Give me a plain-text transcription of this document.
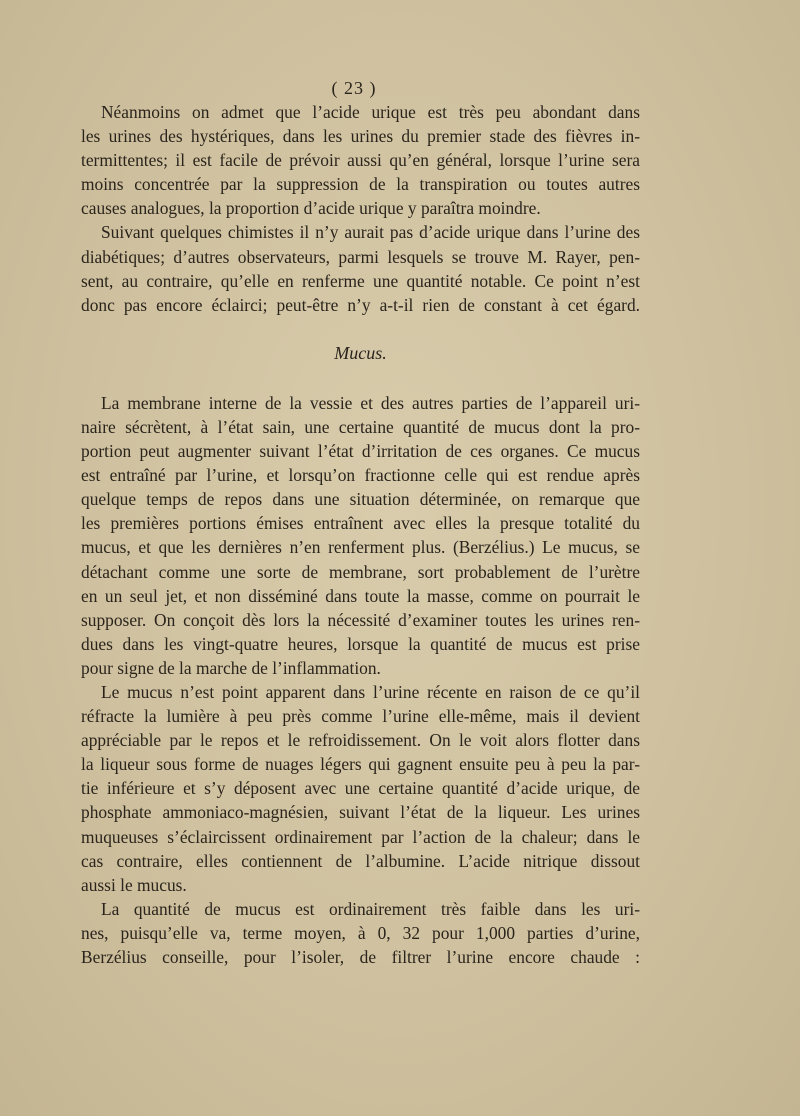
( 23 )
Néanmoins on admet que l’acide urique est très peu abondant dans
les urines des hystériques, dans les urines du premier stade des fièvres in-
termittentes; il est facile de prévoir aussi qu’en général, lorsque l’urine sera
moins concentrée par la suppression de la transpiration ou toutes autres
causes analogues, la proportion d’acide urique y paraîtra moindre.
Suivant quelques chimistes il n’y aurait pas d’acide urique dans l’urine des
diabétiques; d’autres observateurs, parmi lesquels se trouve M. Rayer, pen-
sent, au contraire, qu’elle en renferme une quantité notable. Ce point n’est
donc pas encore éclairci; peut-être n’y a-t-il rien de constant à cet égard.
Mucus.
La membrane interne de la vessie et des autres parties de l’appareil uri-
naire sécrètent, à l’état sain, une certaine quantité de mucus dont la pro-
portion peut augmenter suivant l’état d’irritation de ces organes. Ce mucus
est entraîné par l’urine, et lorsqu’on fractionne celle qui est rendue après
quelque temps de repos dans une situation déterminée, on remarque que
les premières portions émises entraînent avec elles la presque totalité du
mucus, et que les dernières n’en renferment plus. (Berzélius.) Le mucus, se
détachant comme une sorte de membrane, sort probablement de l’urètre
en un seul jet, et non disséminé dans toute la masse, comme on pourrait le
supposer. On conçoit dès lors la nécessité d’examiner toutes les urines ren-
dues dans les vingt-quatre heures, lorsque la quantité de mucus est prise
pour signe de la marche de l’inflammation.
Le mucus n’est point apparent dans l’urine récente en raison de ce qu’il
réfracte la lumière à peu près comme l’urine elle-même, mais il devient
appréciable par le repos et le refroidissement. On le voit alors flotter dans
la liqueur sous forme de nuages légers qui gagnent ensuite peu à peu la par-
tie inférieure et s’y déposent avec une certaine quantité d’acide urique, de
phosphate ammoniaco-magnésien, suivant l’état de la liqueur. Les urines
muqueuses s’éclaircissent ordinairement par l’action de la chaleur; dans le
cas contraire, elles contiennent de l’albumine. L’acide nitrique dissout
aussi le mucus.
La quantité de mucus est ordinairement très faible dans les uri-
nes, puisqu’elle va, terme moyen, à 0, 32 pour 1,000 parties d’urine,
Berzélius conseille, pour l’isoler, de filtrer l’urine encore chaude :
